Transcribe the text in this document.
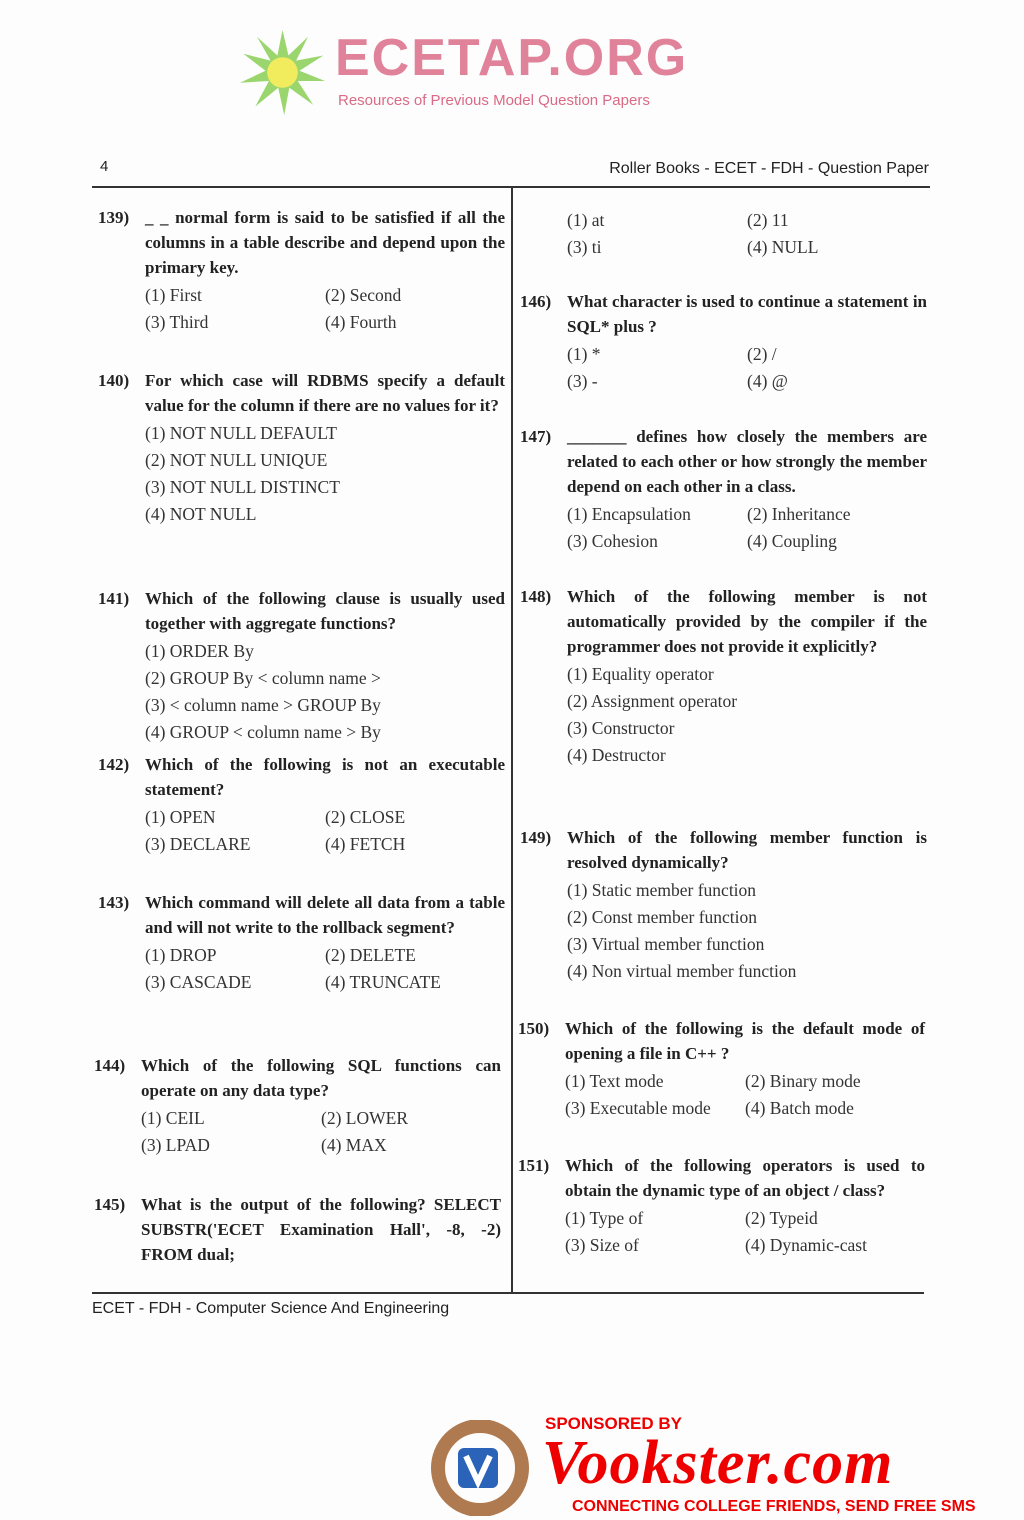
4	Roller Books - ECET - FDH - Question Paper
ECET - FDH - Computer Science And Engineering
(1) at	(2) 11
(3) ti	(4) NULL
139) _ _ normal form is said to be satisfied if all the columns in a table describe and depend upon the primary key.
(1) First	(2) Second
(3) Third	(4) Fourth
140) For which case will RDBMS specify a default value for the column if there are no values for it?
(1) NOT NULL DEFAULT
(2) NOT NULL UNIQUE
(3) NOT NULL DISTINCT
(4) NOT NULL
141) Which of the following clause is usually used together with aggregate functions?
(1) ORDER By
(2) GROUP By < column name >
(3) < column name > GROUP By
(4) GROUP < column name > By
142) Which of the following is not an executable statement?
(1) OPEN	(2) CLOSE
(3) DECLARE	(4) FETCH
143) Which command will delete all data from a table and will not write to the rollback segment?
(1) DROP	(2) DELETE
(3) CASCADE	(4) TRUNCATE
144) Which of the following SQL functions can operate on any data type?
(1) CEIL	(2) LOWER
(3) LPAD	(4) MAX
145) What is the output of the following? SELECT SUBSTR('ECET Examination Hall', -8, -2) FROM dual;
146) What character is used to continue a statement in SQL* plus ?
(1) *	(2) /
(3) -	(4) @
147) _______ defines how closely the members are related to each other or how strongly the member depend on each other in a class.
(1) Encapsulation	(2) Inheritance
(3) Cohesion	(4) Coupling
148) Which of the following member is not automatically provided by the compiler if the programmer does not provide it explicitly?
(1) Equality operator
(2) Assignment operator
(3) Constructor
(4) Destructor
149) Which of the following member function is resolved dynamically?
(1) Static member function
(2) Const member function
(3) Virtual member function
(4) Non virtual member function
150) Which of the following is the default mode of opening a file in C++ ?
(1) Text mode	(2) Binary mode
(3) Executable mode	(4) Batch mode
151) Which of the following operators is used to obtain the dynamic type of an object / class?
(1) Type of	(2) Typeid
(3) Size of	(4) Dynamic-cast
ECETAP.ORG
Resources of Previous Model Question Papers
SPONSORED BY
Vookster.com
CONNECTING COLLEGE FRIENDS, SEND FREE SMS
